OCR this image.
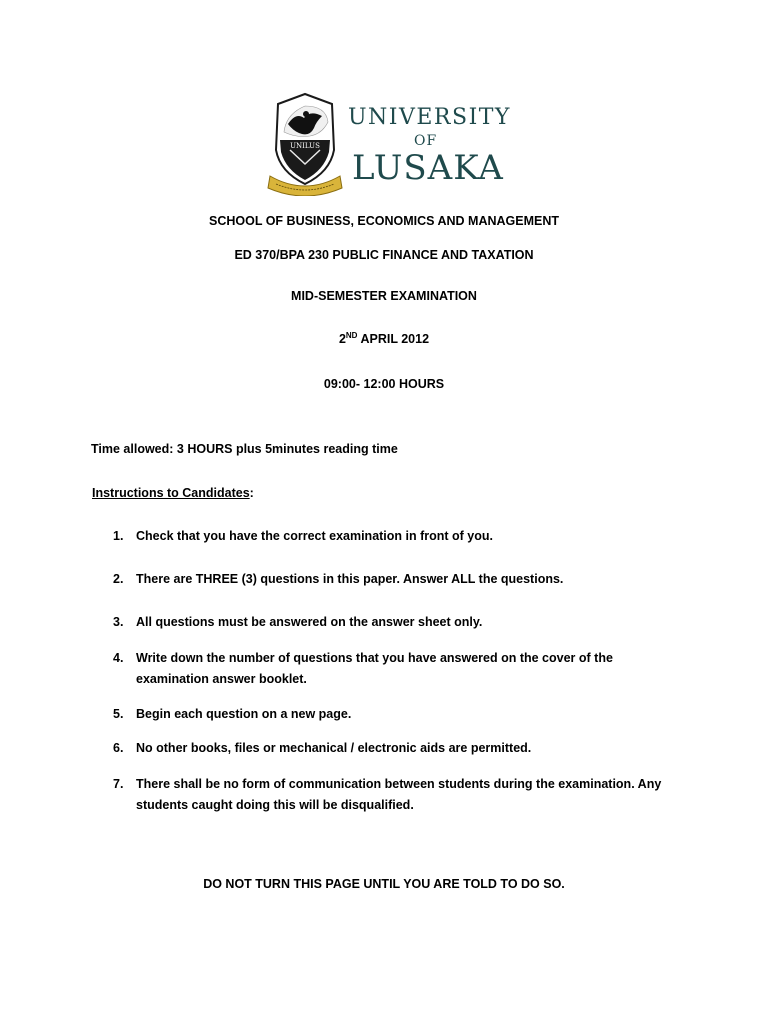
UNILUS
UNIVERSITY
OF
LUSAKA
SCHOOL OF BUSINESS, ECONOMICS AND MANAGEMENT
ED 370/BPA 230 PUBLIC FINANCE AND TAXATION
MID-SEMESTER EXAMINATION
2ND APRIL 2012
09:00- 12:00 HOURS
Time allowed: 3 HOURS plus 5minutes reading time
Instructions to Candidates:
1.	Check that you have the correct examination in front of you.
2.	There are THREE (3) questions in this paper. Answer ALL the questions.
3.	All questions must be answered on the answer sheet only.
4.	Write down the number of questions that you have answered on the cover of the examination answer booklet.
5.	Begin each question on a new page.
6.	No other books, files or mechanical / electronic aids are permitted.
7.	There shall be no form of communication between students during the examination. Any students caught doing this will be disqualified.
DO NOT TURN THIS PAGE UNTIL YOU ARE TOLD TO DO SO.
